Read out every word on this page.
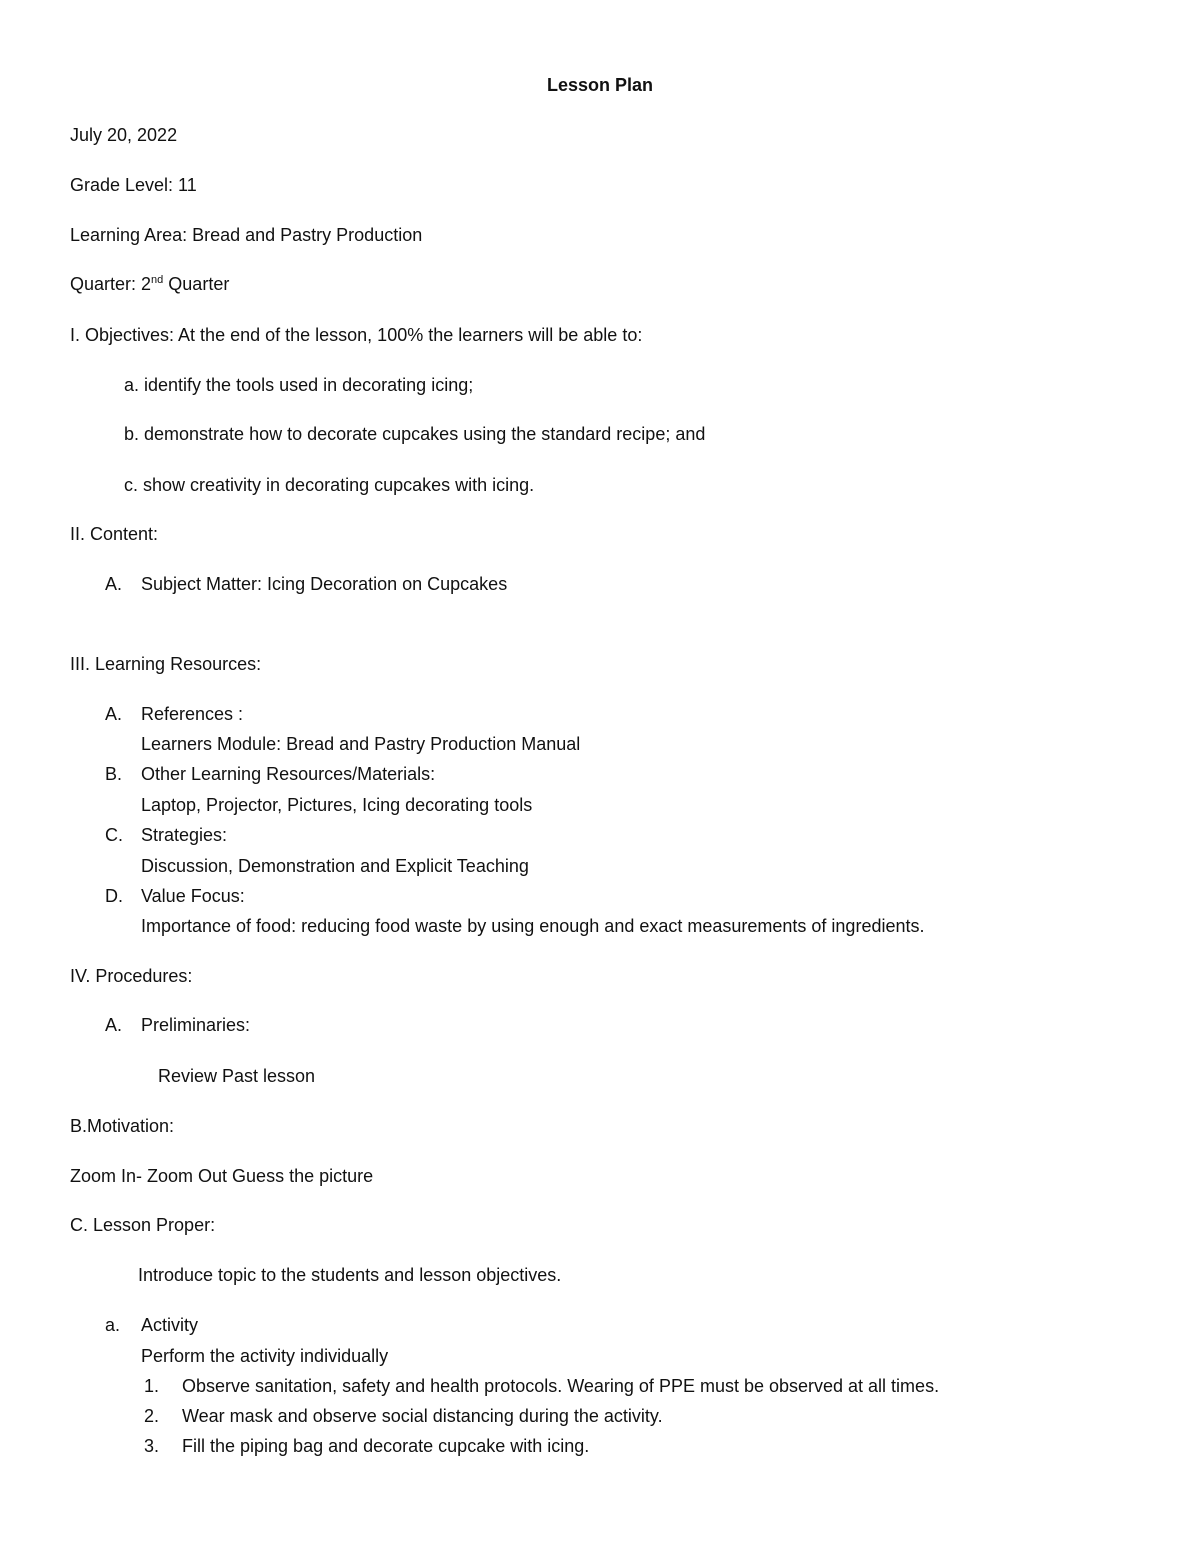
Lesson Plan
July 20, 2022
Grade Level: 11
Learning Area: Bread and Pastry Production
Quarter: 2nd Quarter
I. Objectives: At the end of the lesson, 100% the learners will be able to:
a. identify the tools used in decorating icing;
b. demonstrate how to decorate cupcakes using the standard recipe; and
c. show creativity in decorating cupcakes with icing.
II. Content:
A. Subject Matter: Icing Decoration on Cupcakes
III. Learning Resources:
A. References :
Learners Module: Bread and Pastry Production Manual
B. Other Learning Resources/Materials:
Laptop, Projector, Pictures, Icing decorating tools
C. Strategies:
Discussion, Demonstration and Explicit Teaching
D. Value Focus:
Importance of food: reducing food waste by using enough and exact measurements of ingredients.
IV. Procedures:
A. Preliminaries:
Review Past lesson
B.Motivation:
Zoom In- Zoom Out Guess the picture
C. Lesson Proper:
Introduce topic to the students and lesson objectives.
a. Activity
Perform the activity individually
1. Observe sanitation, safety and health protocols. Wearing of PPE must be observed at all times.
2. Wear mask and observe social distancing during the activity.
3. Fill the piping bag and decorate cupcake with icing.
